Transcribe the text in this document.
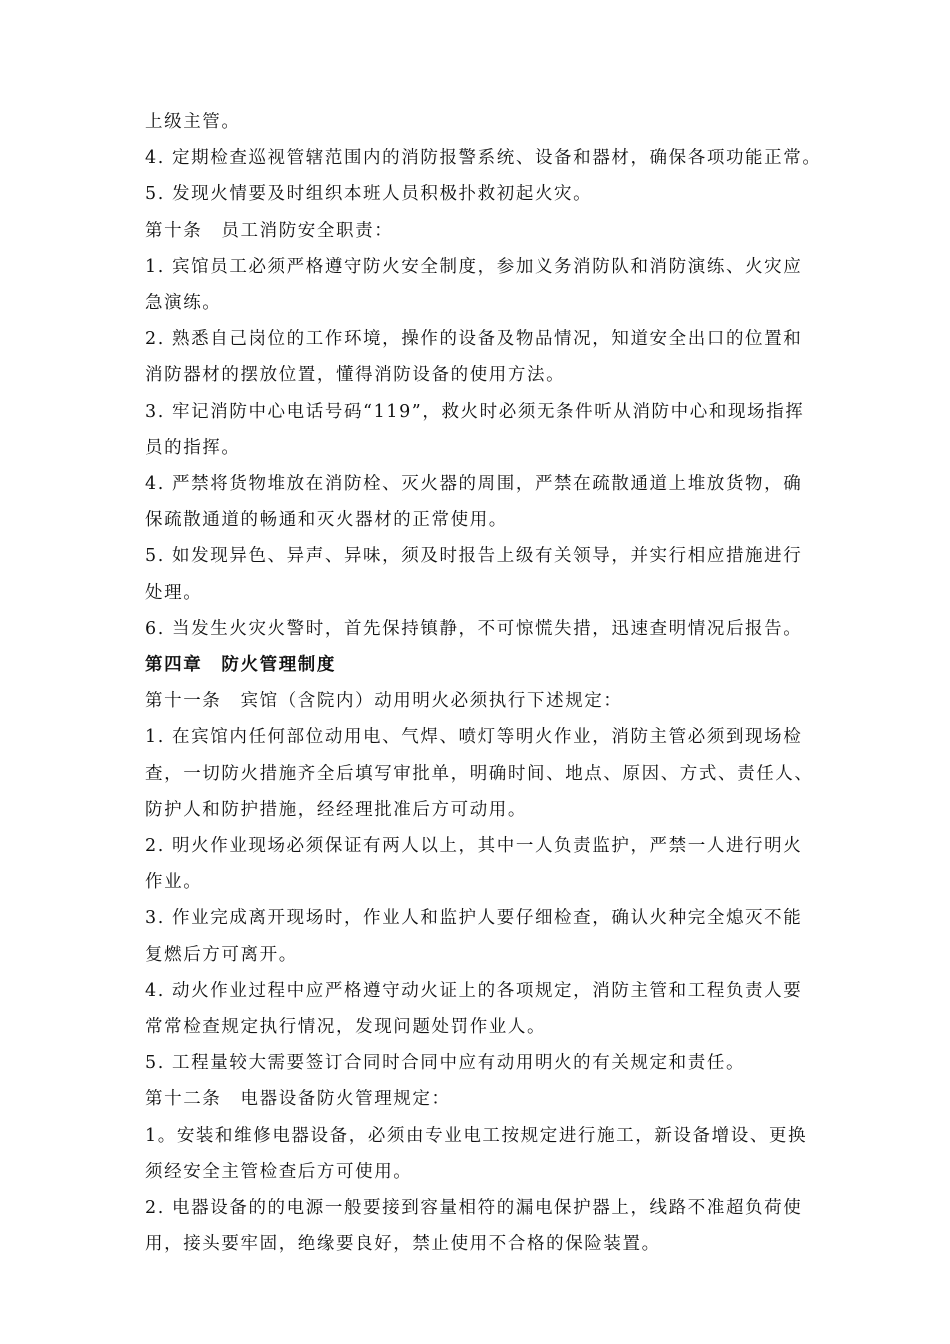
上级主管。
4. 定期检查巡视管辖范围内的消防报警系统、设备和器材，确保各项功能正常。
5. 发现火情要及时组织本班人员积极扑救初起火灾。
第十条　员工消防安全职责：
1. 宾馆员工必须严格遵守防火安全制度，参加义务消防队和消防演练、火灾应
急演练。
2. 熟悉自己岗位的工作环境，操作的设备及物品情况，知道安全出口的位置和
消防器材的摆放位置，懂得消防设备的使用方法。
3. 牢记消防中心电话号码“119”，救火时必须无条件听从消防中心和现场指挥
员的指挥。
4. 严禁将货物堆放在消防栓、灭火器的周围，严禁在疏散通道上堆放货物，确
保疏散通道的畅通和灭火器材的正常使用。
5. 如发现异色、异声、异味，须及时报告上级有关领导，并实行相应措施进行
处理。
6. 当发生火灾火警时，首先保持镇静，不可惊慌失措，迅速查明情况后报告。
第四章　防火管理制度
第十一条　宾馆（含院内）动用明火必须执行下述规定：
1. 在宾馆内任何部位动用电、气焊、喷灯等明火作业，消防主管必须到现场检
查，一切防火措施齐全后填写审批单，明确时间、地点、原因、方式、责任人、
防护人和防护措施，经经理批准后方可动用。
2. 明火作业现场必须保证有两人以上，其中一人负责监护，严禁一人进行明火
作业。
3. 作业完成离开现场时，作业人和监护人要仔细检查，确认火种完全熄灭不能
复燃后方可离开。
4. 动火作业过程中应严格遵守动火证上的各项规定，消防主管和工程负责人要
常常检查规定执行情况，发现问题处罚作业人。
5. 工程量较大需要签订合同时合同中应有动用明火的有关规定和责任。
第十二条　电器设备防火管理规定：
1。安装和维修电器设备，必须由专业电工按规定进行施工，新设备增设、更换
须经安全主管检查后方可使用。
2. 电器设备的的电源一般要接到容量相符的漏电保护器上，线路不准超负荷使
用，接头要牢固，绝缘要良好，禁止使用不合格的保险装置。
